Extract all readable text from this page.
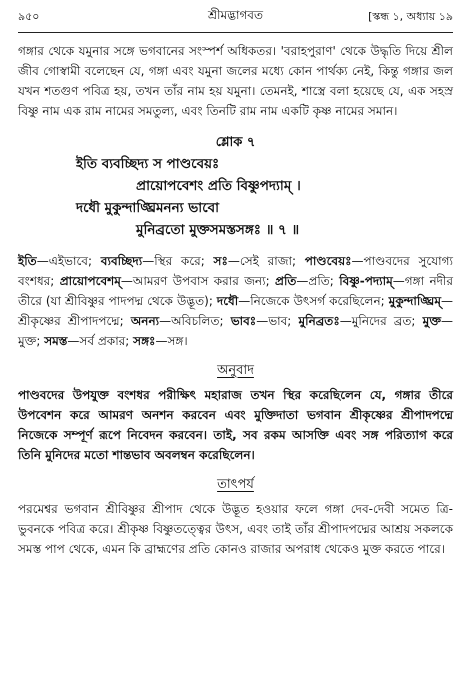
৯৫০	শ্রীমদ্ভাগবত	[স্কন্ধ ১, অধ্যায় ১৯

গঙ্গার থেকে যমুনার সঙ্গে ভগবানের সংস্পর্শ অধিকতর। 'বরাহপুরাণ' থেকে উদ্ধৃতি দিয়ে শ্রীল জীব গোস্বামী বলেছেন যে, গঙ্গা এবং যমুনা জলের মধ্যে কোন পার্থক্য নেই, কিন্তু গঙ্গার জল যখন শতগুণ পবিত্র হয়, তখন তাঁর নাম হয় যমুনা। তেমনই, শাস্ত্রে বলা হয়েছে যে, এক সহস্র বিষ্ণু নাম এক রাম নামের সমতুল্য, এবং তিনটি রাম নাম একটি কৃষ্ণ নামের সমান।

শ্লোক ৭
ইতি ব্যবচ্ছিদ্য স পাণ্ডবেয়ঃ
প্রায়োপবেশং প্রতি বিষ্ণুপদ্যাম্ ।
দধৌ মুকুন্দাঙ্ঘ্রিমনন্য ভাবো
মুনিব্রতো মুক্তসমস্তসঙ্গঃ ॥ ৭ ॥

ইতি—এইভাবে; ব্যবচ্ছিদ্য—স্থির করে; সঃ—সেই রাজা; পাণ্ডবেয়ঃ—পাণ্ডবদের সুযোগ্য বংশধর; প্রায়োপবেশম্—আমরণ উপবাস করার জন্য; প্রতি—প্রতি; বিষ্ণু-পদ্যাম্—গঙ্গা নদীর তীরে (যা শ্রীবিষ্ণুর পাদপদ্ম থেকে উদ্ভূত); দধৌ—নিজেকে উৎসর্গ করেছিলেন; মুকুন্দাঙ্ঘ্রিম্—শ্রীকৃষ্ণের শ্রীপাদপদ্মে; অনন্য—অবিচলিত; ভাবঃ—ভাব; মুনিব্রতঃ—মুনিদের ব্রত; মুক্ত—মুক্ত; সমস্ত—সর্ব প্রকার; সঙ্গঃ—সঙ্গ।

অনুবাদ

পাণ্ডবদের উপযুক্ত বংশধর পরীক্ষিৎ মহারাজ তখন স্থির করেছিলেন যে, গঙ্গার তীরে উপবেশন করে আমরণ অনশন করবেন এবং মুক্তিদাতা ভগবান শ্রীকৃষ্ণের শ্রীপাদপদ্মে নিজেকে সম্পূর্ণ রূপে নিবেদন করবেন। তাই, সব রকম আসক্তি এবং সঙ্গ পরিত্যাগ করে তিনি মুনিদের মতো শান্তভাব অবলম্বন করেছিলেন।

তাৎপর্য

পরমেশ্বর ভগবান শ্রীবিষ্ণুর শ্রীপাদ থেকে উদ্ভূত হওয়ার ফলে গঙ্গা দেব-দেবী সমেত ত্রি-ভুবনকে পবিত্র করে। শ্রীকৃষ্ণ বিষ্ণুতত্ত্বের উৎস, এবং তাই তাঁর শ্রীপাদপদ্মের আশ্রয় সকলকে সমস্ত পাপ থেকে, এমন কি ব্রাহ্মণের প্রতি কোনও রাজার অপরাধ থেকেও মুক্ত করতে পারে।
